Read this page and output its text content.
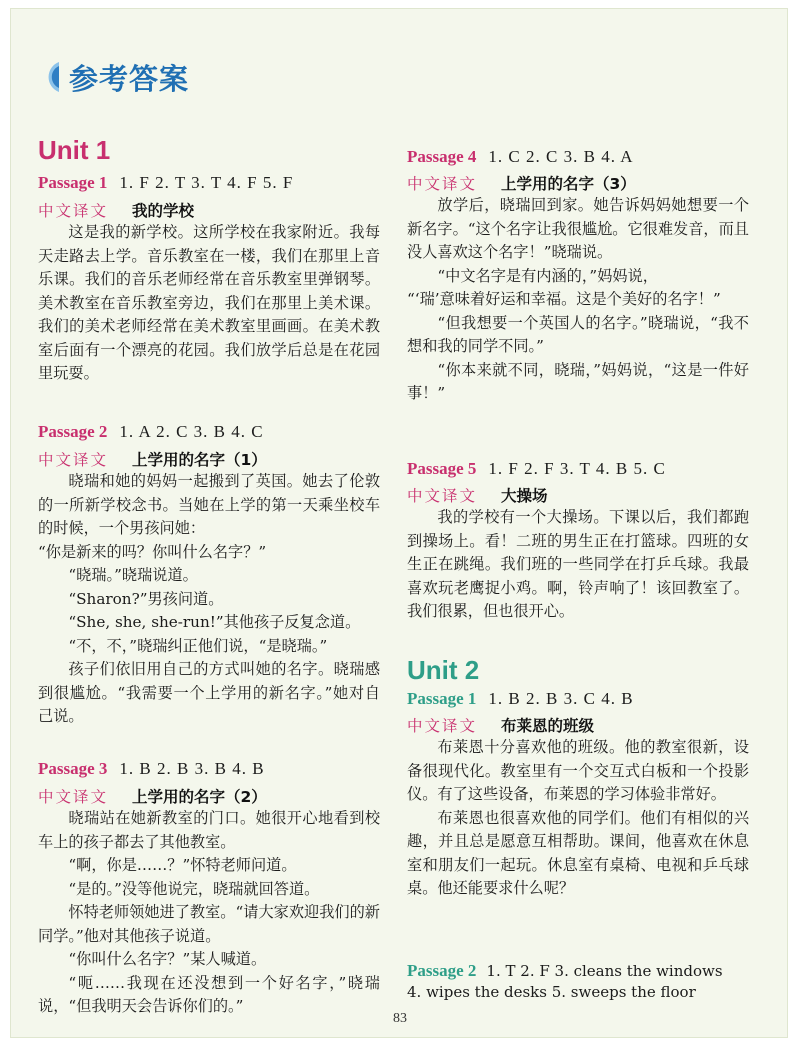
参考答案
Unit 1
Passage 1 1. F 2. T 3. T 4. F 5. F
中文译文 我的学校

这是我的新学校。这所学校在我家附近。我每天走路去上学。音乐教室在一楼，我们在那里上音乐课。我们的音乐老师经常在音乐教室里弹钢琴。美术教室在音乐教室旁边，我们在那里上美术课。我们的美术老师经常在美术教室里画画。在美术教室后面有一个漂亮的花园。我们放学后总是在花园里玩耍。

Passage 2 1. A 2. C 3. B 4. C
中文译文 上学用的名字（1）

晓瑞和她的妈妈一起搬到了英国。她去了伦敦的一所新学校念书。当她在上学的第一天乘坐校车的时候，一个男孩问她：

“你是新来的吗？你叫什么名字？”

“晓瑞。”晓瑞说道。

“Sharon?”男孩问道。

“She, she, she-run!”其他孩子反复念道。

“不，不，”晓瑞纠正他们说，“是晓瑞。”

孩子们依旧用自己的方式叫她的名字。晓瑞感到很尴尬。“我需要一个上学用的新名字。”她对自己说。

Passage 3 1. B 2. B 3. B 4. B
中文译文 上学用的名字（2）

晓瑞站在她新教室的门口。她很开心地看到校车上的孩子都去了其他教室。

“啊，你是……？”怀特老师问道。

“是的。”没等他说完，晓瑞就回答道。

怀特老师领她进了教室。“请大家欢迎我们的新同学。”他对其他孩子说道。

“你叫什么名字？”某人喊道。

“呃……我现在还没想到一个好名字，”晓瑞说，“但我明天会告诉你们的。”

Passage 4 1. C 2. C 3. B 4. A
中文译文 上学用的名字（3）

放学后，晓瑞回到家。她告诉妈妈她想要一个新名字。“这个名字让我很尴尬。它很难发音，而且没人喜欢这个名字！”晓瑞说。

“中文名字是有内涵的，”妈妈说，

“‘瑞’意味着好运和幸福。这是个美好的名字！”

“但我想要一个英国人的名字。”晓瑞说，“我不想和我的同学不同。”

“你本来就不同，晓瑞，”妈妈说，“这是一件好事！”

Passage 5 1. F 2. F 3. T 4. B 5. C
中文译文 大操场

我的学校有一个大操场。下课以后，我们都跑到操场上。看！二班的男生正在打篮球。四班的女生正在跳绳。我们班的一些同学在打乒乓球。我最喜欢玩老鹰捉小鸡。啊，铃声响了！该回教室了。我们很累，但也很开心。

Unit 2
Passage 1 1. B 2. B 3. C 4. B
中文译文 布莱恩的班级

布莱恩十分喜欢他的班级。他的教室很新，设备很现代化。教室里有一个交互式白板和一个投影仪。有了这些设备，布莱恩的学习体验非常好。

布莱恩也很喜欢他的同学们。他们有相似的兴趣，并且总是愿意互相帮助。课间，他喜欢在休息室和朋友们一起玩。休息室有桌椅、电视和乒乓球桌。他还能要求什么呢？

Passage 2 1. T 2. F 3. cleans the windows
4. wipes the desks 5. sweeps the floor
83
